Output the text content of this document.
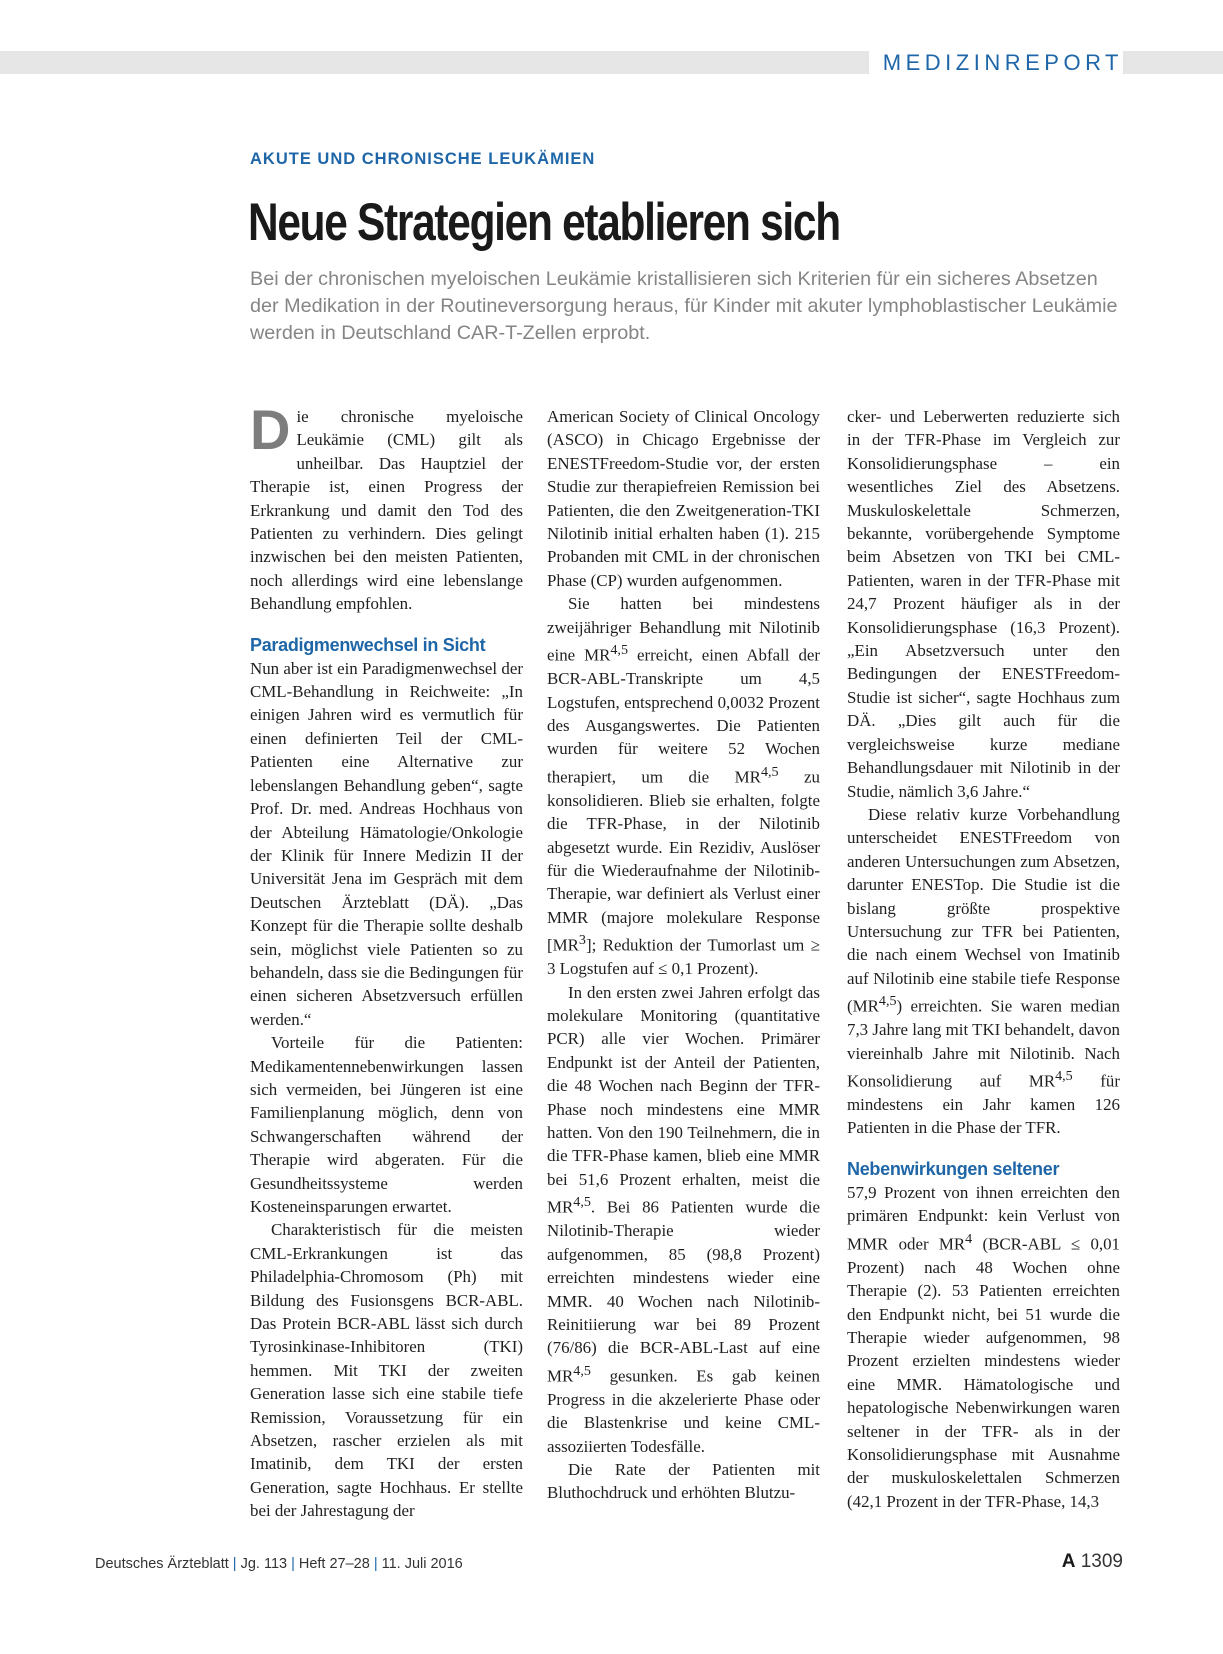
MEDIZINREPORT
AKUTE UND CHRONISCHE LEUKÄMIEN
Neue Strategien etablieren sich

Bei der chronischen myeloischen Leukämie kristallisieren sich Kriterien für ein sicheres Absetzen der Medikation in der Routineversorgung heraus, für Kinder mit akuter lymphoblastischer Leukämie werden in Deutschland CAR-T-Zellen erprobt.

Die chronische myeloische Leukämie (CML) gilt als unheilbar. Das Hauptziel der Therapie ist, einen Progress der Erkrankung und damit den Tod des Patienten zu verhindern. Dies gelingt inzwischen bei den meisten Patienten, noch allerdings wird eine lebenslange Behandlung empfohlen.

Paradigmenwechsel in Sicht

Nun aber ist ein Paradigmenwechsel der CML-Behandlung in Reichweite: „In einigen Jahren wird es vermutlich für einen definierten Teil der CML-Patienten eine Alternative zur lebenslangen Behandlung geben“, sagte Prof. Dr. med. Andreas Hochhaus von der Abteilung Hämatologie/Onkologie der Klinik für Innere Medizin II der Universität Jena im Gespräch mit dem Deutschen Ärzteblatt (DÄ). „Das Konzept für die Therapie sollte deshalb sein, möglichst viele Patienten so zu behandeln, dass sie die Bedingungen für einen sicheren Absetzversuch erfüllen werden.“

Vorteile für die Patienten: Medikamentennebenwirkungen lassen sich vermeiden, bei Jüngeren ist eine Familienplanung möglich, denn von Schwangerschaften während der Therapie wird abgeraten. Für die Gesundheitssysteme werden Kosteneinsparungen erwartet.

Charakteristisch für die meisten CML-Erkrankungen ist das Philadelphia-Chromosom (Ph) mit Bildung des Fusionsgens BCR-ABL. Das Protein BCR-ABL lässt sich durch Tyrosinkinase-Inhibitoren (TKI) hemmen. Mit TKI der zweiten Generation lasse sich eine stabile tiefe Remission, Voraussetzung für ein Absetzen, rascher erzielen als mit Imatinib, dem TKI der ersten Generation, sagte Hochhaus. Er stellte bei der Jahrestagung der

American Society of Clinical Oncology (ASCO) in Chicago Ergebnisse der ENESTFreedom-Studie vor, der ersten Studie zur therapiefreien Remission bei Patienten, die den Zweitgeneration-TKI Nilotinib initial erhalten haben (1). 215 Probanden mit CML in der chronischen Phase (CP) wurden aufgenommen.

Sie hatten bei mindestens zweijähriger Behandlung mit Nilotinib eine MR$^{4,5}$ erreicht, einen Abfall der BCR-ABL-Transkripte um 4,5 Logstufen, entsprechend 0,0032 Prozent des Ausgangswertes. Die Patienten wurden für weitere 52 Wochen therapiert, um die MR$^{4,5}$ zu konsolidieren. Blieb sie erhalten, folgte die TFR-Phase, in der Nilotinib abgesetzt wurde. Ein Rezidiv, Auslöser für die Wiederaufnahme der Nilotinib-Therapie, war definiert als Verlust einer MMR (majore molekulare Response $[MR^3]$; Reduktion der Tumorlast um ≥ 3 Logstufen auf ≤ 0,1 Prozent).

In den ersten zwei Jahren erfolgt das molekulare Monitoring (quantitative PCR) alle vier Wochen. Primärer Endpunkt ist der Anteil der Patienten, die 48 Wochen nach Beginn der TFR-Phase noch mindestens eine MMR hatten. Von den 190 Teilnehmern, die in die TFR-Phase kamen, blieb eine MMR bei 51,6 Prozent erhalten, meist die MR$^{4,5}$. Bei 86 Patienten wurde die Nilotinib-Therapie wieder aufgenommen, 85 (98,8 Prozent) erreichten mindestens wieder eine MMR. 40 Wochen nach Nilotinib-Reinitiierung war bei 89 Prozent (76/86) die BCR-ABL-Last auf eine MR$^{4,5}$ gesunken. Es gab keinen Progress in die akzelerierte Phase oder die Blastenkrise und keine CML-assoziierten Todesfälle.

Die Rate der Patienten mit Bluthochdruck und erhöhten Blutzu-

cker- und Leberwerten reduzierte sich in der TFR-Phase im Vergleich zur Konsolidierungsphase – ein wesentliches Ziel des Absetzens. Muskuloskelettale Schmerzen, bekannte, vorübergehende Symptome beim Absetzen von TKI bei CML-Patienten, waren in der TFR-Phase mit 24,7 Prozent häufiger als in der Konsolidierungsphase (16,3 Prozent). „Ein Absetzversuch unter den Bedingungen der ENESTFreedom-Studie ist sicher“, sagte Hochhaus zum DÄ. „Dies gilt auch für die vergleichsweise kurze mediane Behandlungsdauer mit Nilotinib in der Studie, nämlich 3,6 Jahre.“

Diese relativ kurze Vorbehandlung unterscheidet ENESTFreedom von anderen Untersuchungen zum Absetzen, darunter ENESTop. Die Studie ist die bislang größte prospektive Untersuchung zur TFR bei Patienten, die nach einem Wechsel von Imatinib auf Nilotinib eine stabile tiefe Response (MR$^{4,5}$) erreichten. Sie waren median 7,3 Jahre lang mit TKI behandelt, davon viereinhalb Jahre mit Nilotinib. Nach Konsolidierung auf MR$^{4,5}$ für mindestens ein Jahr kamen 126 Patienten in die Phase der TFR.

Nebenwirkungen seltener

57,9 Prozent von ihnen erreichten den primären Endpunkt: kein Verlust von MMR oder $MR^4$ (BCR-ABL ≤ 0,01 Prozent) nach 48 Wochen ohne Therapie (2). 53 Patienten erreichten den Endpunkt nicht, bei 51 wurde die Therapie wieder aufgenommen, 98 Prozent erzielten mindestens wieder eine MMR. Hämatologische und hepatologische Nebenwirkungen waren seltener in der TFR- als in der Konsolidierungsphase mit Ausnahme der muskuloskelettalen Schmerzen (42,1 Prozent in der TFR-Phase, 14,3

Deutsches Ärzteblatt | Jg. 113 | Heft 27–28 | 11. Juli 2016	A 1309
